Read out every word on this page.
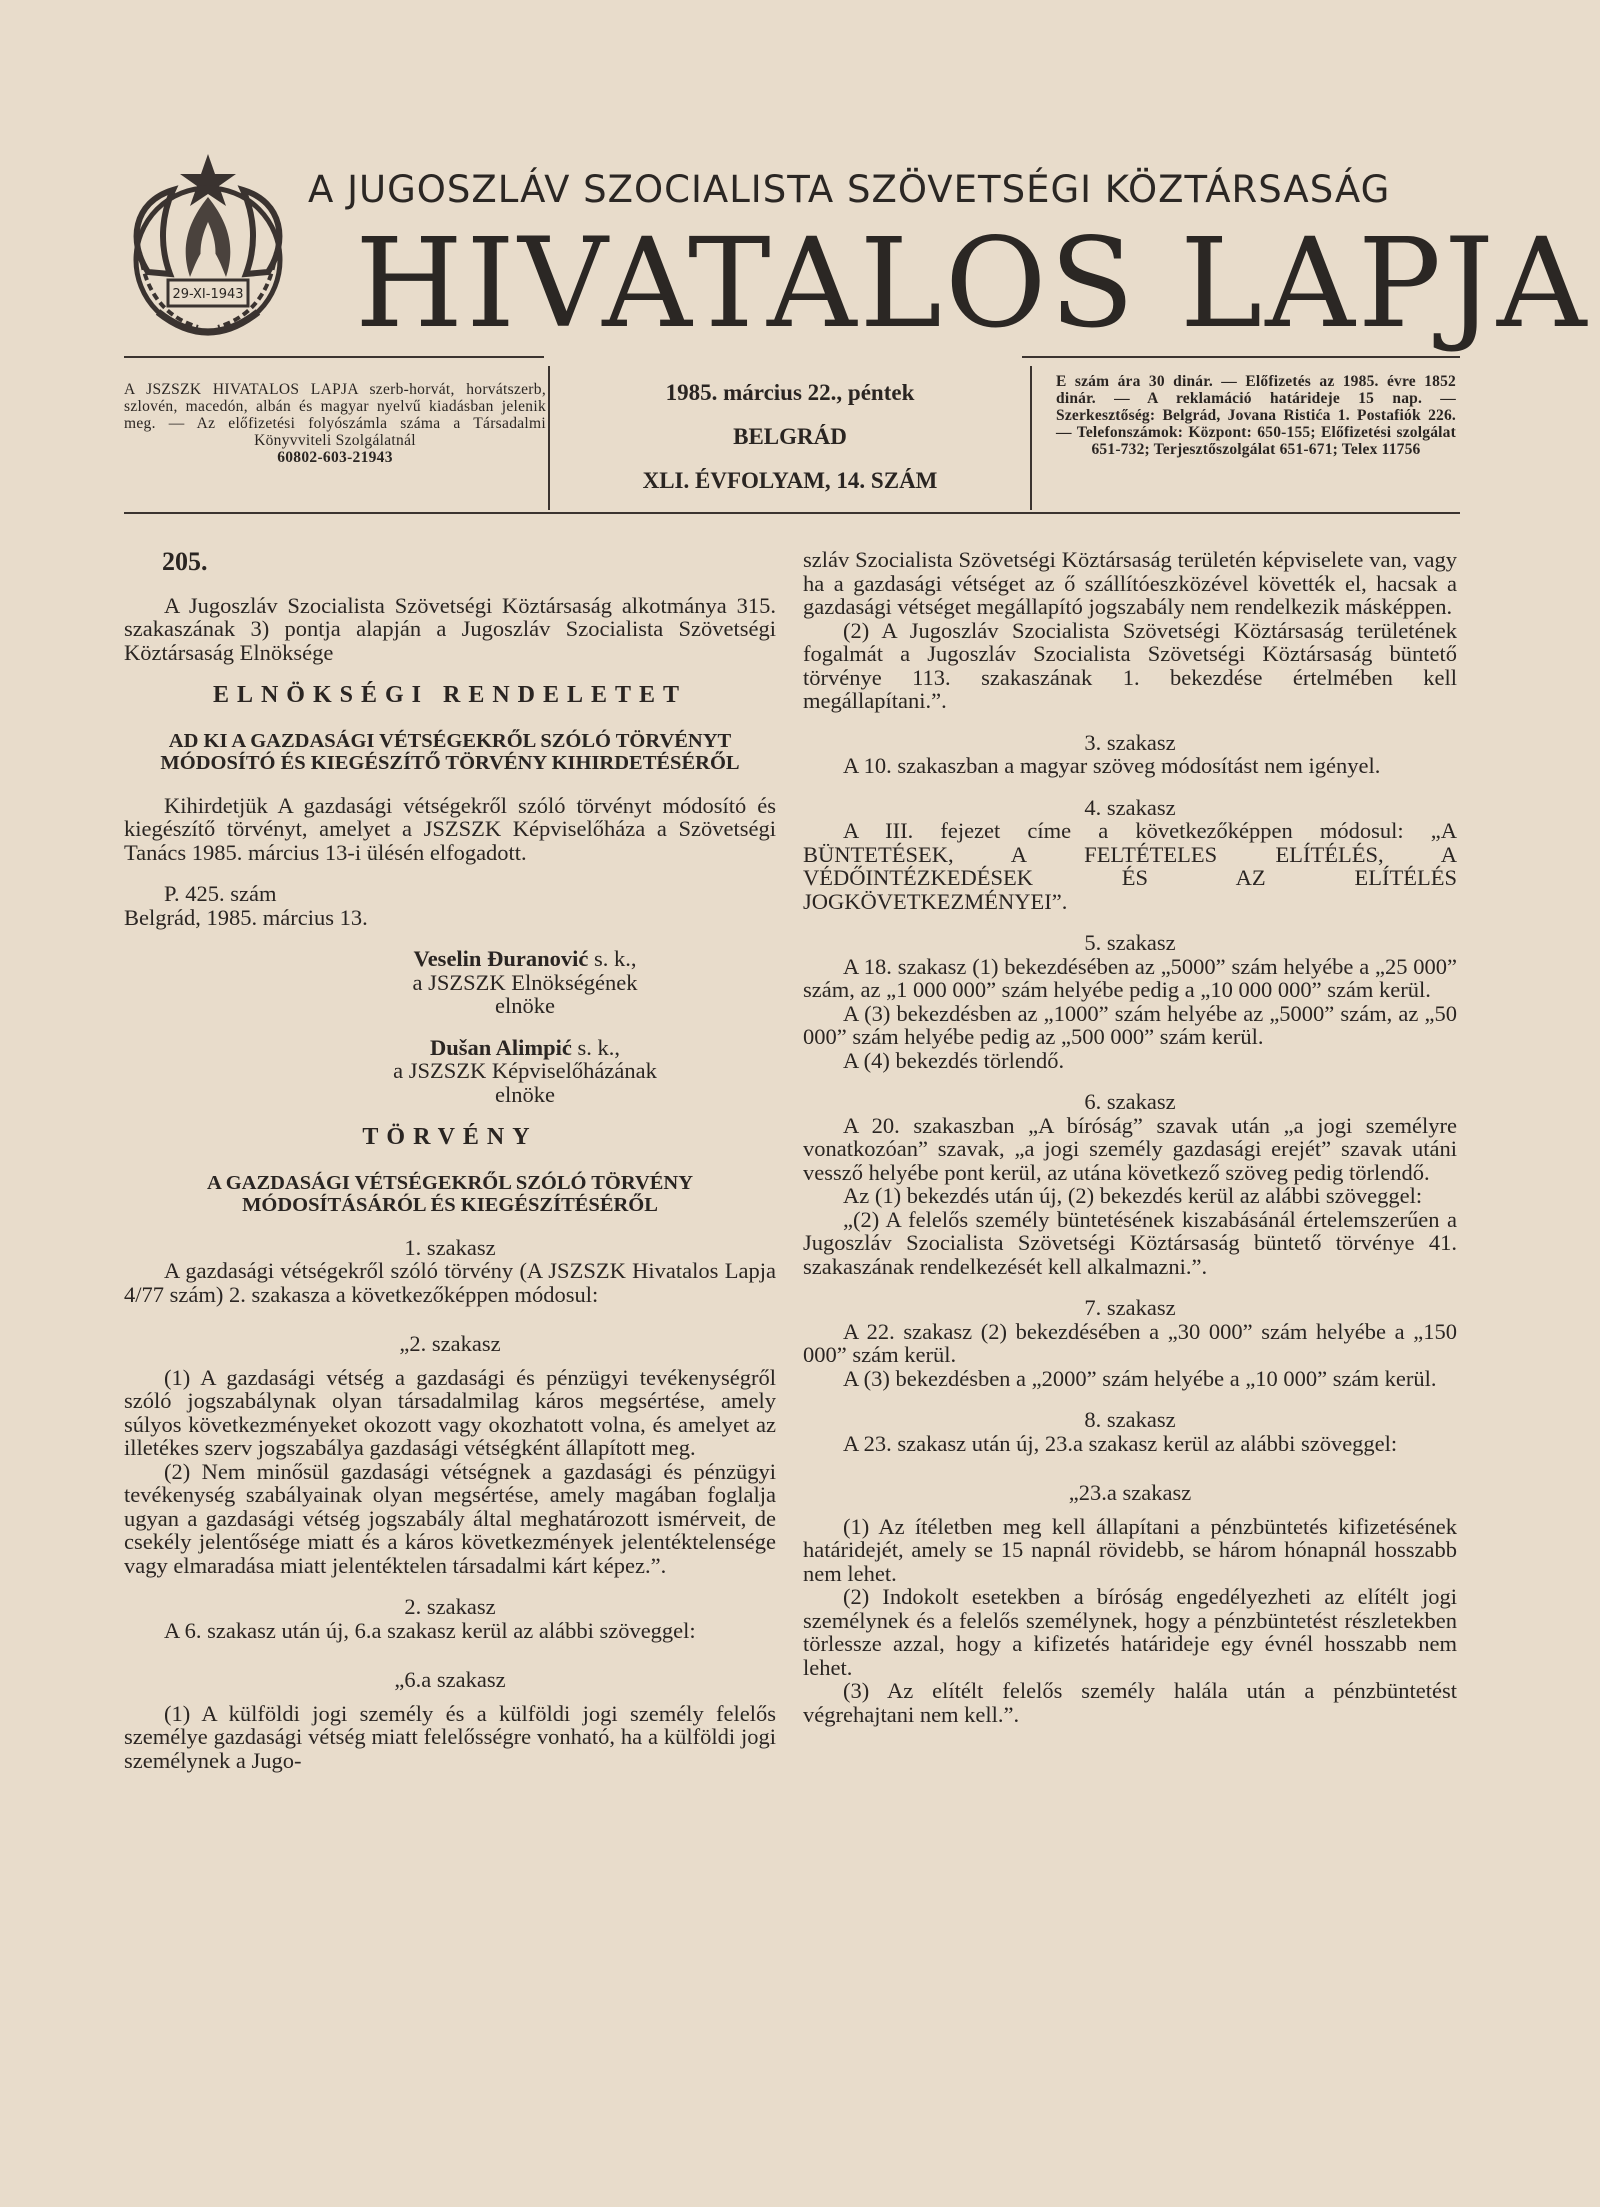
29-XI-1943
A JUGOSZLÁV SZOCIALISTA SZÖVETSÉGI KÖZTÁRSASÁG
HIVATALOS LAPJA

A JSZSZK HIVATALOS LAPJA szerb-horvát, horvátszerb, szlovén, macedón, albán és magyar nyelvű kiadásban jelenik meg. — Az előfizetési folyószámla száma a Társadalmi Könyvviteli Szolgálatnál

60802-603-21943

1985. március 22., péntek
BELGRÁD
XLI. ÉVFOLYAM, 14. SZÁM

E szám ára 30 dinár. — Előfizetés az 1985. évre 1852 dinár. — A reklamáció határideje 15 nap. — Szerkesztőség: Belgrád, Jovana Ristića 1. Postafiók 226. — Telefonszámok: Központ: 650-155; Előfizetési szolgálat 651-732; Terjesztőszolgálat 651-671; Telex 11756

205.

A Jugoszláv Szocialista Szövetségi Köztársaság alkotmánya 315. szakaszának 3) pontja alapján a Jugoszláv Szocialista Szövetségi Köztársaság Elnöksége

ELNÖKSÉGI RENDELETET

AD KI A GAZDASÁGI VÉTSÉGEKRŐL SZÓLÓ TÖRVÉNYT MÓDOSÍTÓ ÉS KIEGÉSZÍTŐ TÖRVÉNY KIHIRDETÉSÉRŐL

Kihirdetjük A gazdasági vétségekről szóló törvényt módosító és kiegészítő törvényt, amelyet a JSZSZK Képviselőháza a Szövetségi Tanács 1985. március 13-i ülésén elfogadott.

P. 425. szám

Belgrád, 1985. március 13.

Veselin Đuranović s. k.,

a JSZSZK Elnökségének

elnöke

Dušan Alimpić s. k.,

a JSZSZK Képviselőházának

elnöke

TÖRVÉNY

A GAZDASÁGI VÉTSÉGEKRŐL SZÓLÓ TÖRVÉNY MÓDOSÍTÁSÁRÓL ÉS KIEGÉSZÍTÉSÉRŐL

1. szakasz

A gazdasági vétségekről szóló törvény (A JSZSZK Hivatalos Lapja 4/77 szám) 2. szakasza a következőképpen módosul:

„2. szakasz

(1) A gazdasági vétség a gazdasági és pénzügyi tevékenységről szóló jogszabálynak olyan társadalmilag káros megsértése, amely súlyos következményeket okozott vagy okozhatott volna, és amelyet az illetékes szerv jogszabálya gazdasági vétségként állapított meg.

(2) Nem minősül gazdasági vétségnek a gazdasági és pénzügyi tevékenység szabályainak olyan megsértése, amely magában foglalja ugyan a gazdasági vétség jogszabály által meghatározott ismérveit, de csekély jelentősége miatt és a káros következmények jelentéktelensége vagy elmaradása miatt jelentéktelen társadalmi kárt képez.”.

2. szakasz

A 6. szakasz után új, 6.a szakasz kerül az alábbi szöveggel:

„6.a szakasz

(1) A külföldi jogi személy és a külföldi jogi személy felelős személye gazdasági vétség miatt felelősségre vonható, ha a külföldi jogi személynek a Jugo-

szláv Szocialista Szövetségi Köztársaság területén képviselete van, vagy ha a gazdasági vétséget az ő szállítóeszközével követték el, hacsak a gazdasági vétséget megállapító jogszabály nem rendelkezik másképpen.

(2) A Jugoszláv Szocialista Szövetségi Köztársaság területének fogalmát a Jugoszláv Szocialista Szövetségi Köztársaság büntető törvénye 113. szakaszának 1. bekezdése értelmében kell megállapítani.”.

3. szakasz

A 10. szakaszban a magyar szöveg módosítást nem igényel.

4. szakasz

A III. fejezet címe a következőképpen módosul: „A BÜNTETÉSEK, A FELTÉTELES ELÍTÉLÉS, A VÉDŐINTÉZKEDÉSEK ÉS AZ ELÍTÉLÉS JOGKÖVETKEZMÉNYEI”.

5. szakasz

A 18. szakasz (1) bekezdésében az „5000” szám helyébe a „25 000” szám, az „1 000 000” szám helyébe pedig a „10 000 000” szám kerül.

A (3) bekezdésben az „1000” szám helyébe az „5000” szám, az „50 000” szám helyébe pedig az „500 000” szám kerül.

A (4) bekezdés törlendő.

6. szakasz

A 20. szakaszban „A bíróság” szavak után „a jogi személyre vonatkozóan” szavak, „a jogi személy gazdasági erejét” szavak utáni vessző helyébe pont kerül, az utána következő szöveg pedig törlendő.

Az (1) bekezdés után új, (2) bekezdés kerül az alábbi szöveggel:

„(2) A felelős személy büntetésének kiszabásánál értelemszerűen a Jugoszláv Szocialista Szövetségi Köztársaság büntető törvénye 41. szakaszának rendelkezését kell alkalmazni.”.

7. szakasz

A 22. szakasz (2) bekezdésében a „30 000” szám helyébe a „150 000” szám kerül.

A (3) bekezdésben a „2000” szám helyébe a „10 000” szám kerül.

8. szakasz

A 23. szakasz után új, 23.a szakasz kerül az alábbi szöveggel:

„23.a szakasz

(1) Az ítéletben meg kell állapítani a pénzbüntetés kifizetésének határidejét, amely se 15 napnál rövidebb, se három hónapnál hosszabb nem lehet.

(2) Indokolt esetekben a bíróság engedélyezheti az elítélt jogi személynek és a felelős személynek, hogy a pénzbüntetést részletekben törlessze azzal, hogy a kifizetés határideje egy évnél hosszabb nem lehet.

(3) Az elítélt felelős személy halála után a pénzbüntetést végrehajtani nem kell.”.
